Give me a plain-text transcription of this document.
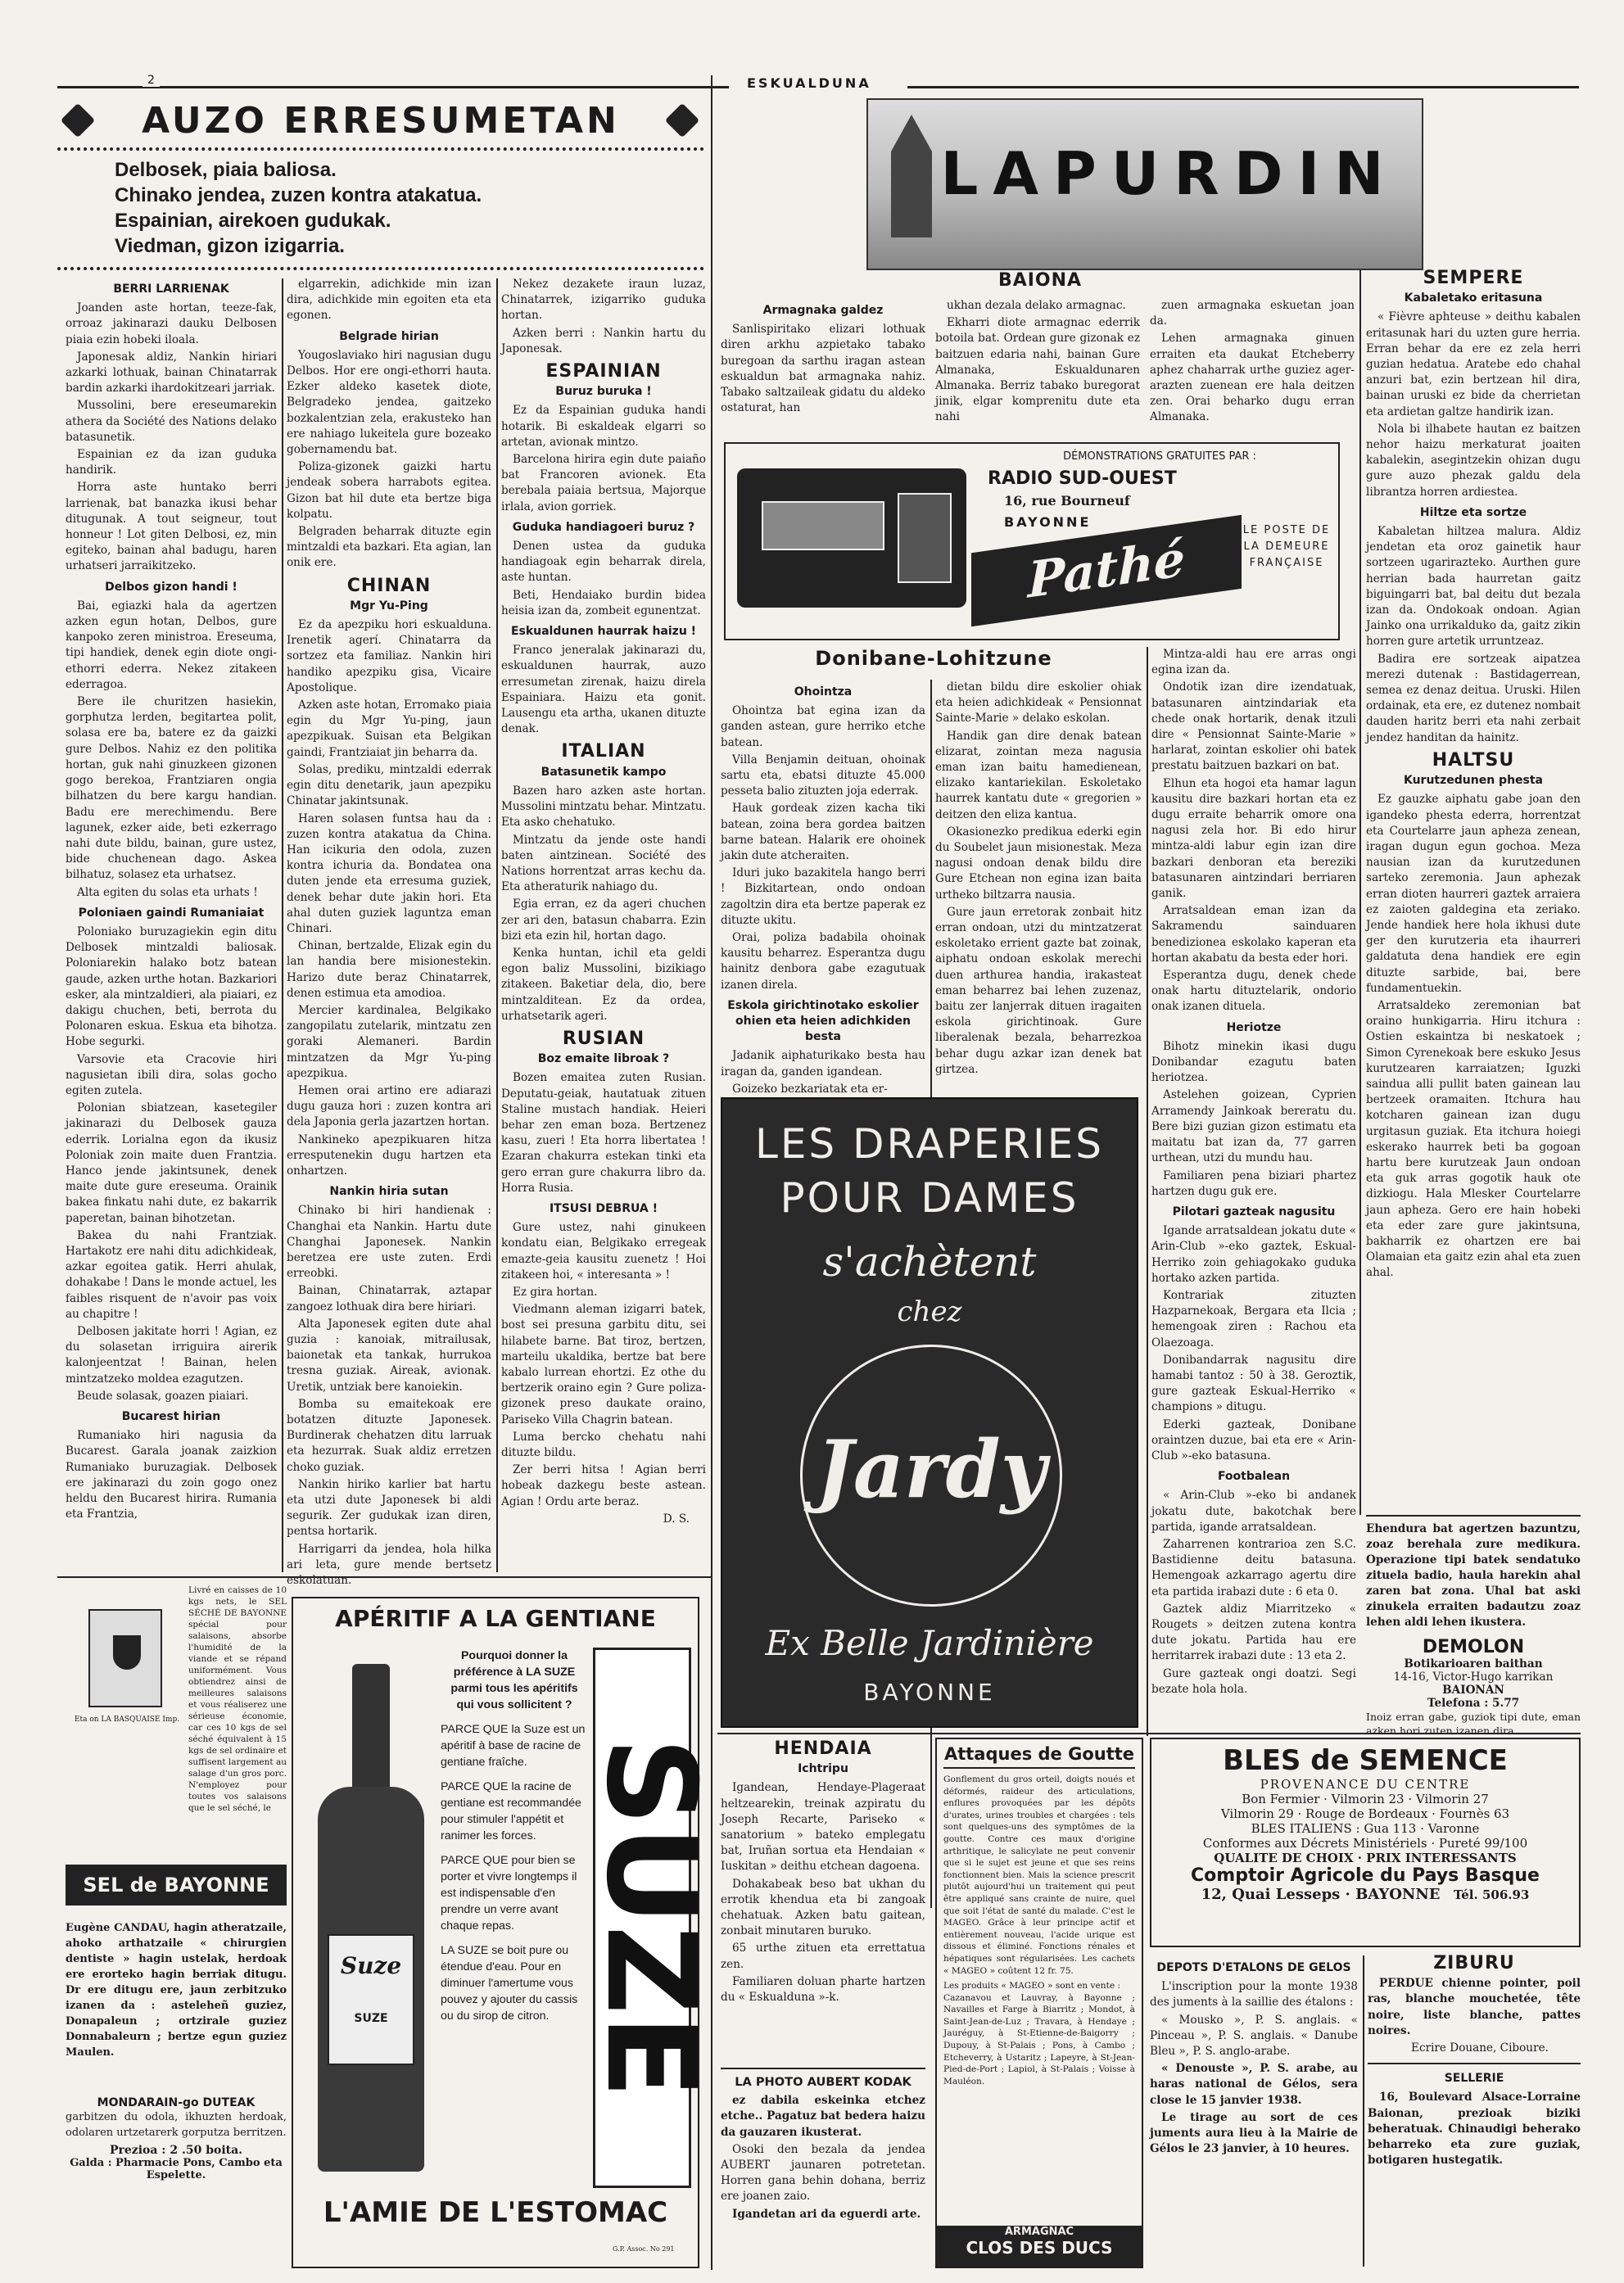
2	ESKUALDUNA
AUZO ERRESUMETAN
Delbosek, piaia baliosa.
Chinako jendea, zuzen kontra atakatua.
Espainian, airekoen gudukak.
Viedman, gizon izigarria.
BERRI LARRIENAK

Joanden aste hortan, teeze-fak, orroaz jakinarazi dauku Delbosen piaia ezin hobeki iloala.

Japonesak aldiz, Nankin hiriari azkarki lothuak, bainan Chinatarrak bardin azkarki ihardokitzeari jarriak.

Mussolini, bere ereseumarekin athera da Société des Nations delako batasunetik.

Espainian ez da izan guduka handirik.

Horra aste huntako berri larrienak, bat banazka ikusi behar ditugunak. A tout seigneur, tout honneur ! Lot giten Delbosi, ez, min egiteko, bainan ahal badugu, haren urhatseri jarraikitzeko.

Delbos gizon handi !

Bai, egiazki hala da agertzen azken egun hotan, Delbos, gure kanpoko zeren ministroa. Ereseuma, tipi handiek, denek egin diote ongi-ethorri ederra. Nekez zitakeen ederragoa.

Bere ile churitzen hasiekin, gorphutza lerden, begitartea polit, solasa ere ba, batere ez da gaizki gure Delbos. Nahiz ez den politika hortan, guk nahi ginuzkeen gizonen gogo berekoa, Frantziaren ongia bilhatzen du bere kargu handian. Badu ere merechimendu. Bere lagunek, ezker aide, beti ezkerrago nahi dute bildu, bainan, gure ustez, bide chuchenean dago. Askea bilhatuz, solasez eta urhatsez.

Alta egiten du solas eta urhats !

Poloniaen gaindi Rumaniaiat

Poloniako buruzagiekin egin ditu Delbosek mintzaldi baliosak. Poloniarekin halako botz batean gaude, azken urthe hotan. Bazkariori esker, ala mintzaldieri, ala piaiari, ez dakigu chuchen, beti, berrota du Polonaren eskua. Eskua eta bihotza. Hobe segurki.

Varsovie eta Cracovie hiri nagusietan ibili dira, solas gocho egiten zutela.

Polonian sbiatzean, kasetegiler jakinarazi du Delbosek gauza ederrik. Lorialna egon da ikusiz Poloniak zoin maite duen Frantzia. Hanco jende jakintsunek, denek maite dute gure ereseuma. Orainik bakea finkatu nahi dute, ez bakarrik paperetan, bainan bihotzetan.

Bakea du nahi Frantziak. Hartakotz ere nahi ditu adichkideak, azkar egoitea gatik. Herri ahulak, dohakabe ! Dans le monde actuel, les faibles risquent de n'avoir pas voix au chapitre !

Delbosen jakitate horri ! Agian, ez du solasetan irriguira airerik kalonjeentzat ! Bainan, helen mintzatzeko moldea ezagutzen.

Beude solasak, goazen piaiari.

Bucarest hirian

Rumaniako hiri nagusia da Bucarest. Garala joanak zaizkion Rumaniako buruzagiak. Delbosek ere jakinarazi du zoin gogo onez heldu den Bucarest hirira. Rumania eta Frantzia,

elgarrekin, adichkide min izan dira, adichkide min egoiten eta eta egonen.

Belgrade hirian

Yougoslaviako hiri nagusian dugu Delbos. Hor ere ongi-ethorri hauta. Ezker aldeko kasetek diote, Belgradeko jendea, gaitzeko bozkalentzian zela, erakusteko han ere nahiago lukeitela gure bozeako gobernamendu bat.

Poliza-gizonek gaizki hartu jendeak sobera harrabots egitea. Gizon bat hil dute eta bertze biga kolpatu.

Belgraden beharrak dituzte egin mintzaldi eta bazkari. Eta agian, lan onik ere.

CHINAN
Mgr Yu-Ping

Ez da apezpiku hori eskualduna. Irenetik agerí. Chinatarra da sortzez eta familiaz. Nankin hiri handiko apezpiku gisa, Vicaire Apostolique.

Azken aste hotan, Erromako piaia egin du Mgr Yu-ping, jaun apezpikuak. Suisan eta Belgikan gaindi, Frantziaiat jin beharra da.

Solas, prediku, mintzaldi ederrak egin ditu denetarik, jaun apezpiku Chinatar jakintsunak.

Haren solasen funtsa hau da : zuzen kontra atakatua da China. Han icikuria den odola, zuzen kontra ichuria da. Bondatea ona duten jende eta erresuma guziek, denek behar dute jakin hori. Eta ahal duten guziek laguntza eman Chinari.

Chinan, bertzalde, Elizak egin du lan handia bere misionestekin. Harizo dute beraz Chinatarrek, denen estimua eta amodioa.

Mercier kardinalea, Belgikako zangopilatu zutelarik, mintzatu zen goraki Alemaneri. Bardin mintzatzen da Mgr Yu-ping apezpikua.

Hemen orai artino ere adiarazi dugu gauza hori : zuzen kontra ari dela Japonia gerla jazartzen hortan.

Nankineko apezpikuaren hitza erresputenekin dugu hartzen eta onhartzen.

Nankin hiria sutan

Chinako bi hiri handienak : Changhai eta Nankin. Hartu dute Changhai Japonesek. Nankin beretzea ere uste zuten. Erdi erreobki.

Bainan, Chinatarrak, aztapar zangoez lothuak dira bere hiriari.

Alta Japonesek egiten dute ahal guzia : kanoiak, mitrailusak, baionetak eta tankak, hurrukoa tresna guziak. Aireak, avionak. Uretik, untziak bere kanoiekin.

Bomba su emaitekoak ere botatzen dituzte Japonesek. Burdinerak chehatzen ditu larruak eta hezurrak. Suak aldiz erretzen choko guziak.

Nankin hiriko karlier bat hartu eta utzi dute Japonesek bi aldi segurik. Zer gudukak izan diren, pentsa hortarik.

Harrigarri da jendea, hola hilka ari leta, gure mende bertsetz eskolatuan.

Nekez dezakete iraun luzaz, Chinatarrek, izigarriko guduka hortan.

Azken berri : Nankin hartu du Japonesak.

ESPAINIAN
Buruz buruka !

Ez da Espainian guduka handi hotarik. Bi eskaldeak elgarri so artetan, avionak mintzo.

Barcelona hirira egin dute paiaño bat Francoren avionek. Eta berebala paiaia bertsua, Majorque irlala, avion gorriek.

Guduka handiagoeri buruz ?

Denen ustea da guduka handiagoak egin beharrak direla, aste huntan.

Beti, Hendaiako burdin bidea heisia izan da, zombeit egunentzat.

Eskualdunen haurrak haizu !

Franco jeneralak jakinarazi du, eskualdunen haurrak, auzo erresumetan zirenak, haizu direla Espainiara. Haizu eta gonit. Lausengu eta artha, ukanen dituzte denak.

ITALIAN
Batasunetik kampo

Bazen haro azken aste hortan. Mussolini mintzatu behar. Mintzatu. Eta asko chehatuko.

Mintzatu da jende oste handi baten aintzinean. Société des Nations horrentzat arras kechu da. Eta atheraturik nahiago du.

Egia erran, ez da ageri chuchen zer ari den, batasun chabarra. Ezin bizi eta ezin hil, hortan dago.

Kenka huntan, ichil eta geldi egon baliz Mussolini, bizikiago zitakeen. Baketiar dela, dio, bere mintzalditean. Ez da ordea, urhatsetarik ageri.

RUSIAN
Boz emaite libroak ?

Bozen emaitea zuten Rusian. Deputatu-geiak, hautatuak zituen Staline mustach handiak. Heieri behar zen eman boza. Bertzenez kasu, zueri ! Eta horra libertatea ! Ezaran chakurra estekan tinki eta gero erran gure chakurra libro da. Horra Rusia.

ITSUSI DEBRUA !

Gure ustez, nahi ginukeen kondatu eian, Belgikako erregeak emazte-geia kausitu zuenetz ! Hoi zitakeen hoi, « interesanta » !

Ez gira hortan.

Viedmann aleman izigarri batek, bost sei presuna garbitu ditu, sei hilabete barne. Bat tiroz, bertzen, marteilu ukaldika, bertze bat bere kabalo lurrean ehortzi. Ez othe du bertzerik oraino egin ? Gure poliza-gizonek preso daukate oraino, Pariseko Villa Chagrin batean.

Luma bercko chehatu nahi dituzte bildu.

Zer berri hitsa ! Agian berri hobeak dazkegu beste astean. Agian ! Ordu arte beraz.

D. S.
Eta on LA BASQUAISE Imp.
Livré en caisses de 10 kgs nets, le SEL SÉCHÉ DE BAYONNE spécial pour salaisons, absorbe l'humidité de la viande et se répand uniformément. Vous obtiendrez ainsi de meilleures salaisons et vous réaliserez une sérieuse économie, car ces 10 kgs de sel séché équivalent à 15 kgs de sel ordinaire et suffisent largement au salage d'un gros porc. N'employez pour toutes vos salaisons que le sel séché, le
SEL de BAYONNE
Eugène CANDAU, hagin atheratzaile, ahoko arthatzaile « chirurgien dentiste » hagin ustelak, herdoak ere erorteko hagin berriak ditugu. Dr ere ditugu ere, jaun zerbitzuko izanen da : asteleheñ guziez, Donapaleun ; ortzirale guziez Donnabaleurn ; bertze egun guziez Maulen.
MONDARAIN-go DUTEAK
garbitzen du odola, ikhuzten herdoak, odolaren urtzetarerk gorputza berritzen.
Prezioa : 2 .50 boita.
Galda : Pharmacie Pons, Cambo eta Espelette.
APÉRITIF A LA GENTIANE
Suze
SUZE
Pourquoi donner la préférence à LA SUZE parmi tous les apéritifs qui vous sollicitent ?
PARCE QUE la Suze est un apéritif à base de racine de gentiane fraîche.
PARCE QUE la racine de gentiane est recommandée pour stimuler l'appétit et ranimer les forces.
PARCE QUE pour bien se porter et vivre longtemps il est indispensable d'en prendre un verre avant chaque repas.
LA SUZE se boit pure ou étendue d'eau. Pour en diminuer l'amertume vous pouvez y ajouter du cassis ou du sirop de citron. SUZE
L'AMIE DE L'ESTOMAC
G.P. Assoc. No 291
LAPURDIN
BAIONA
Armagnaka galdez

Sanlispiritako elizari lothuak diren arkhu azpietako tabako buregoan da sarthu iragan astean eskualdun bat armagnaka nahiz. Tabako saltzaileak gidatu du aldeko ostaturat, han

ukhan dezala delako armagnac.

Ekharri diote armagnac ederrik botoila bat. Ordean gure gizonak ez baitzuen edaria nahi, bainan Gure Almanaka, Eskualdunaren Almanaka. Berriz tabako buregorat jinik, elgar komprenitu dute eta nahi

zuen armagnaka eskuetan joan da.

Lehen armagnaka ginuen erraiten eta daukat Etcheberry aphez chaharrak urthe guziez ager-arazten zuenean ere hala deitzen zen. Orai beharko dugu erran Almanaka.

DÉMONSTRATIONS GRATUITES PAR :
RADIO SUD-OUEST
16, rue Bourneuf
BAYONNE
Pathé
LE POSTE DE LA DEMEURE FRANÇAISE
SEMPERE
Kabaletako eritasuna

« Fièvre aphteuse » deithu kabalen eritasunak hari du uzten gure herria. Erran behar da ere ez zela herri guzian hedatua. Aratebe edo chahal anzuri bat, ezin bertzean hil dira, bainan uruski ez bide da cherrietan eta ardietan galtze handirik izan.

Nola bi ilhabete hautan ez baitzen nehor haizu merkaturat joaiten kabalekin, asegintzekin ohizan dugu gure auzo phezak galdu dela librantza horren ardiestea.

Hiltze eta sortze

Kabaletan hiltzea malura. Aldiz jendetan eta oroz gainetik haur sortzeen ugarirazteko. Aurthen gure herrian bada haurretan gaitz biguingarri bat, bal deitu dut bezala izan da. Ondokoak ondoan. Agian Jainko ona urrikalduko da, gaitz zikin horren gure artetik urruntzeaz.

Badira ere sortzeak aipatzea merezi dutenak : Bastidagerrean, semea ez denaz deitua. Uruski. Hilen ordainak, eta ere, ez dutenez nombait dauden haritz berri eta nahi zerbait jendez handitan da hainitz.

HALTSU
Kurutzedunen phesta

Ez gauzke aiphatu gabe joan den igandeko phesta ederra, horrentzat eta Courtelarre jaun apheza zenean, iragan dugun egun gochoa. Meza nausian izan da kurutzedunen sarteko zeremonia. Jaun aphezak erran dioten haurreri gaztek arraiera ez zaioten galdegina eta zeriako. Jende handiek here hola ikhusi dute ger den kurutzeria eta ihaurreri galdatuta dena handiek ere egin dituzte sarbide, bai, bere fundamentuekin.

Arratsaldeko zeremonian bat oraino hunkigarria. Hiru itchura : Ostien eskaintza bi neskatoek ; Simon Cyrenekoak bere eskuko Jesus kurutzearen karraiatzen; Iguzki saindua alli pullit baten gainean lau bertzeek oramaiten. Itchura hau kotcharen gainean izan dugu urgitasun guziak. Eta itchura hoiegi eskerako haurrek beti ba gogoan hartu bere kurutzeak Jaun ondoan eta guk arras gogotik hauk ote dizkiogu. Hala Mlesker Courtelarre jaun apheza. Gero ere hain hobeki eta eder zare gure jakintsuna, bakharrik ez ohartzen ere bai Olamaian eta gaitz ezin ahal eta zuen ahal.

Donibane-Lohitzune
Ohointza

Ohointza bat egina izan da ganden astean, gure herriko etche batean.

Villa Benjamin deituan, ohoinak sartu eta, ebatsi dituzte 45.000 pesseta balio zituzten joja ederrak.

Hauk gordeak zizen kacha tiki batean, zoina bera gordea baitzen barne batean. Halarik ere ohoinek jakin dute atcheraiten.

Iduri juko bazakitela hango berri ! Bizkitartean, ondo ondoan zagoltzin dira eta bertze paperak ez dituzte ukitu.

Orai, poliza badabila ohoinak kausitu beharrez. Esperantza dugu hainitz denbora gabe ezagutuak izanen direla.

Eskola girichtinotako eskolier ohien eta heien adichkiden besta

Jadanik aiphaturikako besta hau iragan da, ganden igandean.

Goizeko bezkariatak eta er-

dietan bildu dire eskolier ohiak eta heien adichkideak « Pensionnat Sainte-Marie » delako eskolan.

Handik gan dire denak batean elizarat, zointan meza nagusia eman izan baitu hamedienean, elizako kantariekilan. Eskoletako haurrek kantatu dute « gregorien » deitzen den eliza kantua.

Okasionezko predikua ederki egin du Soubelet jaun misionestak. Meza nagusi ondoan denak bildu dire Gure Etchean non egina izan baita urtheko biltzarra nausia.

Gure jaun erretorak zonbait hitz erran ondoan, utzi du mintzatzerat eskoletako errient gazte bat zoinak, aiphatu ondoan eskolak merechi duen arthurea handia, irakasteat eman beharrez bai lehen zuzenaz, baitu zer lanjerrak dituen iragaiten eskola girichtinoak. Gure liberalenak bezala, beharrezkoa behar dugu azkar izan denek bat girtzea.

Mintza-aldi hau ere arras ongi egina izan da.

Ondotik izan dire izendatuak, batasunaren aintzindariak eta chede onak hortarik, denak itzuli dire « Pensionnat Sainte-Marie » harlarat, zointan eskolier ohi batek prestatu baitzuen bazkari on bat.

Elhun eta hogoi eta hamar lagun kausitu dire bazkari hortan eta ez dugu erraite beharrik omore ona nagusi zela hor. Bi edo hirur mintza-aldi labur egin izan dire bazkari denboran eta bereziki batasunaren aintzindari berriaren ganik.

Arratsaldean eman izan da Sakramendu sainduaren benedizionea eskolako kaperan eta hortan akabatu da besta eder hori.

Esperantza dugu, denek chede onak hartu dituztelarik, ondorio onak izanen dituela.

Heriotze

Bihotz minekin ikasi dugu Donibandar ezagutu baten heriotzea.

Astelehen goizean, Cyprien Arramendy Jainkoak bereratu du. Bere bizi guzian gizon estimatu eta maitatu bat izan da, 77 garren urthean, utzi du mundu hau.

Familiaren pena biziari phartez hartzen dugu guk ere.

Pilotari gazteak nagusitu

Igande arratsaldean jokatu dute « Arin-Club »-eko gaztek, Eskual-Herriko zoin gehiagokako guduka hortako azken partida.

Kontrariak zituzten Hazparnekoak, Bergara eta Ilcia ; hemengoak ziren : Rachou eta Olaezoaga.

Donibandarrak nagusitu dire hamabi tantoz : 50 à 38. Geroztik, gure gazteak Eskual-Herriko « champions » ditugu.

Ederki gazteak, Donibane oraintzen duzue, bai eta ere « Arin-Club »-eko batasuna.

Footbalean

« Arin-Club »-eko bi andanek jokatu dute, bakotchak bere partida, igande arratsaldean.

Zaharrenen kontrarioa zen S.C. Bastidienne deitu batasuna. Hemengoak azkarrago agertu dire eta partida irabazi dute : 6 eta 0.

Gaztek aldiz Miarritzeko « Rougets » deitzen zutena kontra dute jokatu. Partida hau ere herritarrek irabazi dute : 13 eta 2.

Gure gazteak ongi doatzi. Segi bezate hola hola.

LES DRAPERIES
POUR DAMES
s'achètent
chez
Jardy
Ex Belle Jardinière
BAYONNE
Ehendura bat agertzen bazuntzu, zoaz berehala zure medikura. Operazione tipi batek sendatuko zituela badio, haula harekin ahal zaren bat zona. Uhal bat aski zinukela erraiten badautzu zoaz lehen aldi lehen ikustera.
DEMOLON
Botikarioaren baithan
14-16, Victor-Hugo karrikan
BAIONAN
Telefona : 5.77
Inoiz erran gabe, guziok tipi dute, eman azken hori zuten izanen dira.
HENDAIA
Ichtripu

Igandean, Hendaye-Plageraat heltzearekin, treinak azpiratu du Joseph Recarte, Pariseko « sanatorium » bateko emplegatu bat, Iruñan sortua eta Hendaian « Iuskitan » deithu etchean dagoena.

Dohakabeak beso bat ukhan du errotik khendua eta bi zangoak chehatuak. Azken batu gaitean, zonbait minutaren buruko.

65 urthe zituen eta errettatua zen.

Familiaren doluan pharte hartzen du « Eskualduna »-k.

LA PHOTO AUBERT KODAK

ez dabila eskeinka etchez etche.. Pagatuz bat bedera haizu da gauzaren ikusterat.

Osoki den bezala da jendea AUBERT jaunaren potretetan. Horren gana behin dohana, berriz ere joanen zaio.

Igandetan ari da eguerdi arte.

Attaques de Goutte
Gonflement du gros orteil, doigts noués et déformés, raideur des articulations, enflures provoquées par les dépôts d'urates, urines troubles et chargées : tels sont quelques-uns des symptômes de la goutte. Contre ces maux d'origine arthritique, le salicylate ne peut convenir que si le sujet est jeune et que ses reins fonctionnent bien. Mais la science prescrit plutôt aujourd'hui un traitement qui peut être appliqué sans crainte de nuire, quel que soit l'état de santé du malade. C'est le MAGEO. Grâce à leur principe actif et entièrement nouveau, l'acide urique est dissous et éliminé. Fonctions rénales et hépatiques sont régularisées. Les cachets « MAGEO » coûtent 12 fr. 75.
Les produits « MAGEO » sont en vente :
Cazanavou et Lauvray, à Bayonne ; Navailles et Farge à Biarritz ; Mondot, à Saint-Jean-de-Luz ; Travara, à Hendaye ; Jauréguy, à St-Etienne-de-Baigorry ; Dupouy, à St-Palais ; Pons, à Cambo ; Etcheverry, à Ustaritz ; Lapeyre, à St-Jean-Pied-de-Port ; Lapiol, à St-Palais ; Voisse à Mauléon.
ARMAGNAC
CLOS DES DUCS
BLES de SEMENCE
PROVENANCE DU CENTRE
Bon Fermier · Vilmorin 23 · Vilmorin 27
Vilmorin 29 · Rouge de Bordeaux · Fournès 63
BLES ITALIENS : Gua 113 · Varonne
Conformes aux Décrets Ministériels · Pureté 99/100
QUALITE DE CHOIX · PRIX INTERESSANTS
Comptoir Agricole du Pays Basque
12, Quai Lesseps · BAYONNE Tél. 506.93
DEPOTS D'ETALONS DE GELOS

L'inscription pour la monte 1938 des juments à la saillie des étalons :

« Mousko », P. S. anglais. « Pinceau », P. S. anglais. « Danube Bleu », P. S. anglo-arabe.

« Denouste », P. S. arabe, au haras national de Gélos, sera close le 15 janvier 1938.

Le tirage au sort de ces juments aura lieu à la Mairie de Gélos le 23 janvier, à 10 heures.

ZIBURU

PERDUE chienne pointer, poil ras, blanche mouchetée, tête noire, liste blanche, pattes noires.

Ecrire Douane, Ciboure.

SELLERIE

16, Boulevard Alsace-Lorraine Baionan, prezioak biziki beheratuak. Chinaudigi beherako beharreko eta zure guziak, botigaren hustegatik.
